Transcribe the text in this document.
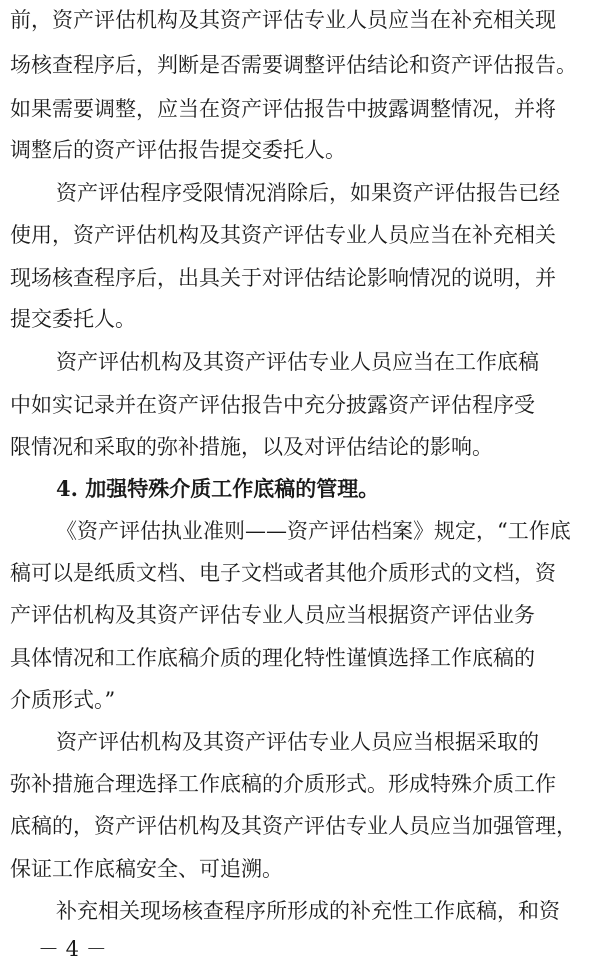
前，资产评估机构及其资产评估专业人员应当在补充相关现
场核查程序后，判断是否需要调整评估结论和资产评估报告。
如果需要调整，应当在资产评估报告中披露调整情况，并将
调整后的资产评估报告提交委托人。
资产评估程序受限情况消除后，如果资产评估报告已经
使用，资产评估机构及其资产评估专业人员应当在补充相关
现场核查程序后，出具关于对评估结论影响情况的说明，并
提交委托人。
资产评估机构及其资产评估专业人员应当在工作底稿
中如实记录并在资产评估报告中充分披露资产评估程序受
限情况和采取的弥补措施，以及对评估结论的影响。
4. 加强特殊介质工作底稿的管理。
《资产评估执业准则——资产评估档案》规定，“工作底
稿可以是纸质文档、电子文档或者其他介质形式的文档，资
产评估机构及其资产评估专业人员应当根据资产评估业务
具体情况和工作底稿介质的理化特性谨慎选择工作底稿的
介质形式。”
资产评估机构及其资产评估专业人员应当根据采取的
弥补措施合理选择工作底稿的介质形式。形成特殊介质工作
底稿的，资产评估机构及其资产评估专业人员应当加强管理，
保证工作底稿安全、可追溯。
补充相关现场核查程序所形成的补充性工作底稿，和资
－ 4 －
